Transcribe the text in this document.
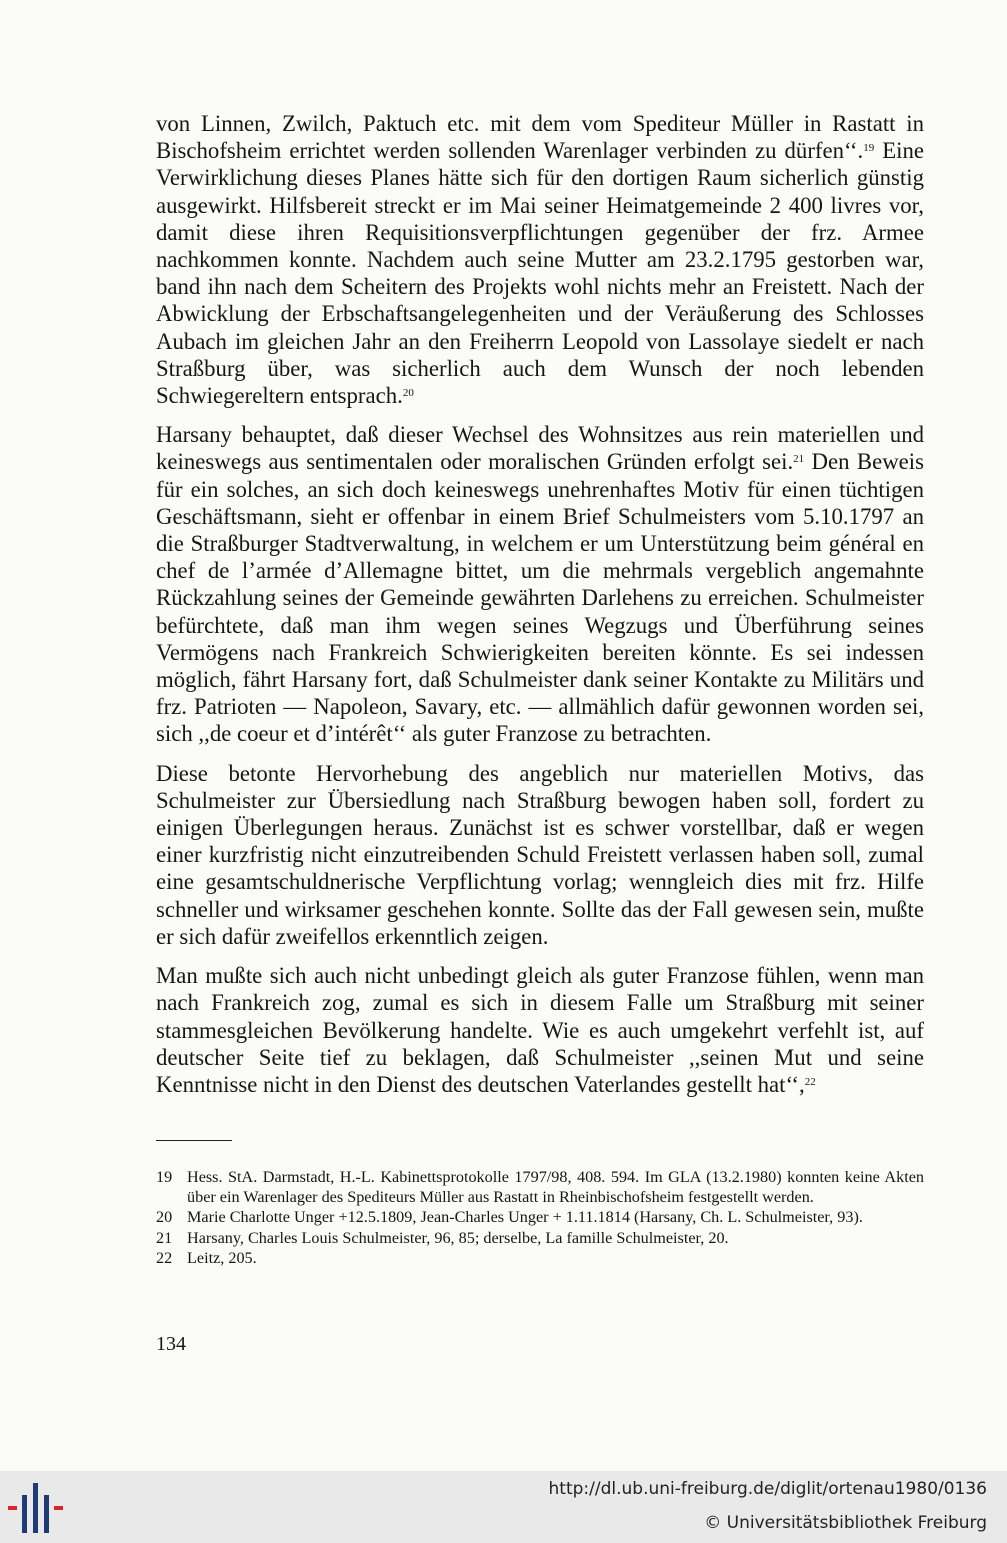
von Linnen, Zwilch, Paktuch etc. mit dem vom Spediteur Müller in Rastatt in Bischofsheim errichtet werden sollenden Warenlager verbinden zu dürfen‘‘.$^{19}$ Eine Verwirklichung dieses Planes hätte sich für den dortigen Raum sicherlich günstig ausgewirkt. Hilfsbereit streckt er im Mai seiner Heimatgemeinde 2 400 livres vor, damit diese ihren Requisitionsverpflichtungen gegenüber der frz. Armee nachkommen konnte. Nachdem auch seine Mutter am 23.2.1795 gestorben war, band ihn nach dem Scheitern des Projekts wohl nichts mehr an Freistett. Nach der Abwicklung der Erbschaftsangelegenheiten und der Veräußerung des Schlosses Aubach im gleichen Jahr an den Freiherrn Leopold von Lassolaye siedelt er nach Straßburg über, was sicherlich auch dem Wunsch der noch lebenden Schwiegereltern entsprach.$^{20}$

Harsany behauptet, daß dieser Wechsel des Wohnsitzes aus rein materiellen und keineswegs aus sentimentalen oder moralischen Gründen erfolgt sei.$^{21}$ Den Beweis für ein solches, an sich doch keineswegs unehrenhaftes Motiv für einen tüchtigen Geschäftsmann, sieht er offenbar in einem Brief Schulmeisters vom 5.10.1797 an die Straßburger Stadtverwaltung, in welchem er um Unterstützung beim général en chef de l’armée d’Allemagne bittet, um die mehrmals vergeblich angemahnte Rückzahlung seines der Gemeinde gewährten Darlehens zu erreichen. Schulmeister befürchtete, daß man ihm wegen seines Wegzugs und Überführung seines Vermögens nach Frankreich Schwierigkeiten bereiten könnte. Es sei indessen möglich, fährt Harsany fort, daß Schulmeister dank seiner Kontakte zu Militärs und frz. Patrioten — Napoleon, Savary, etc. — allmählich dafür gewonnen worden sei, sich ,,de coeur et d’intérêt‘‘ als guter Franzose zu betrachten.

Diese betonte Hervorhebung des angeblich nur materiellen Motivs, das Schulmeister zur Übersiedlung nach Straßburg bewogen haben soll, fordert zu einigen Überlegungen heraus. Zunächst ist es schwer vorstellbar, daß er wegen einer kurzfristig nicht einzutreibenden Schuld Freistett verlassen haben soll, zumal eine gesamtschuldnerische Verpflichtung vorlag; wenngleich dies mit frz. Hilfe schneller und wirksamer geschehen konnte. Sollte das der Fall gewesen sein, mußte er sich dafür zweifellos erkenntlich zeigen.

Man mußte sich auch nicht unbedingt gleich als guter Franzose fühlen, wenn man nach Frankreich zog, zumal es sich in diesem Falle um Straßburg mit seiner stammesgleichen Bevölkerung handelte. Wie es auch umgekehrt verfehlt ist, auf deutscher Seite tief zu beklagen, daß Schulmeister ,,seinen Mut und seine Kenntnisse nicht in den Dienst des deutschen Vaterlandes gestellt hat‘‘,$^{22}$

19 Hess. StA. Darmstadt, H.-L. Kabinettsprotokolle 1797/98, 408. 594. Im GLA (13.2.1980) konnten keine Akten über ein Warenlager des Spediteurs Müller aus Rastatt in Rheinbischofsheim festgestellt werden.
20 Marie Charlotte Unger +12.5.1809, Jean-Charles Unger + 1.11.1814 (Harsany, Ch. L. Schulmeister, 93).
21 Harsany, Charles Louis Schulmeister, 96, 85; derselbe, La famille Schulmeister, 20.
22 Leitz, 205.
134
http://dl.ub.uni-freiburg.de/diglit/ortenau1980/0136
© Universitätsbibliothek Freiburg
